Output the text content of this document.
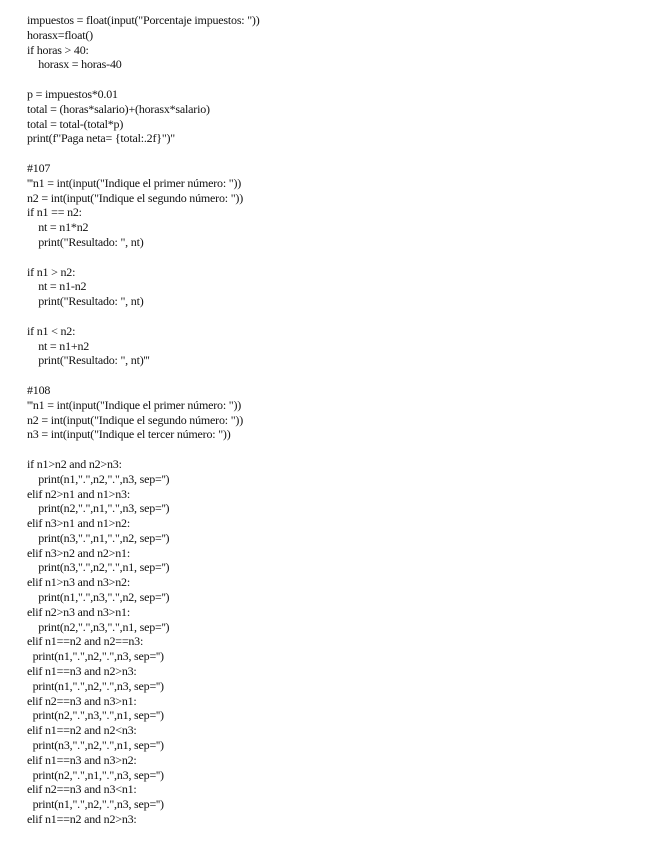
impuestos = float(input("Porcentaje impuestos: "))
horasx=float()
if horas > 40:
horasx = horas-40
p = impuestos*0.01
total = (horas*salario)+(horasx*salario)
total = total-(total*p)
print(f"Paga neta= {total:.2f}")"
#107
'''n1 = int(input("Indique el primer número: "))
n2 = int(input("Indique el segundo número: "))
if n1 == n2:
nt = n1*n2
print("Resultado: ", nt)
if n1 > n2:
nt = n1-n2
print("Resultado: ", nt)
if n1 < n2:
nt = n1+n2
print("Resultado: ", nt)'''
#108
'''n1 = int(input("Indique el primer número: "))
n2 = int(input("Indique el segundo número: "))
n3 = int(input("Indique el tercer número: "))
if n1>n2 and n2>n3:
print(n1,".",n2,".",n3, sep='')
elif n2>n1 and n1>n3:
print(n2,".",n1,".",n3, sep='')
elif n3>n1 and n1>n2:
print(n3,".",n1,".",n2, sep='')
elif n3>n2 and n2>n1:
print(n3,".",n2,".",n1, sep='')
elif n1>n3 and n3>n2:
print(n1,".",n3,".",n2, sep='')
elif n2>n3 and n3>n1:
print(n2,".",n3,".",n1, sep='')
elif n1==n2 and n2==n3:
print(n1,".",n2,".",n3, sep='')
elif n1==n3 and n2>n3:
print(n1,".",n2,".",n3, sep='')
elif n2==n3 and n3>n1:
print(n2,".",n3,".",n1, sep='')
elif n1==n2 and n2<n3:
print(n3,".",n2,".",n1, sep='')
elif n1==n3 and n3>n2:
print(n2,".",n1,".",n3, sep='')
elif n2==n3 and n3<n1:
print(n1,".",n2,".",n3, sep='')
elif n1==n2 and n2>n3:
